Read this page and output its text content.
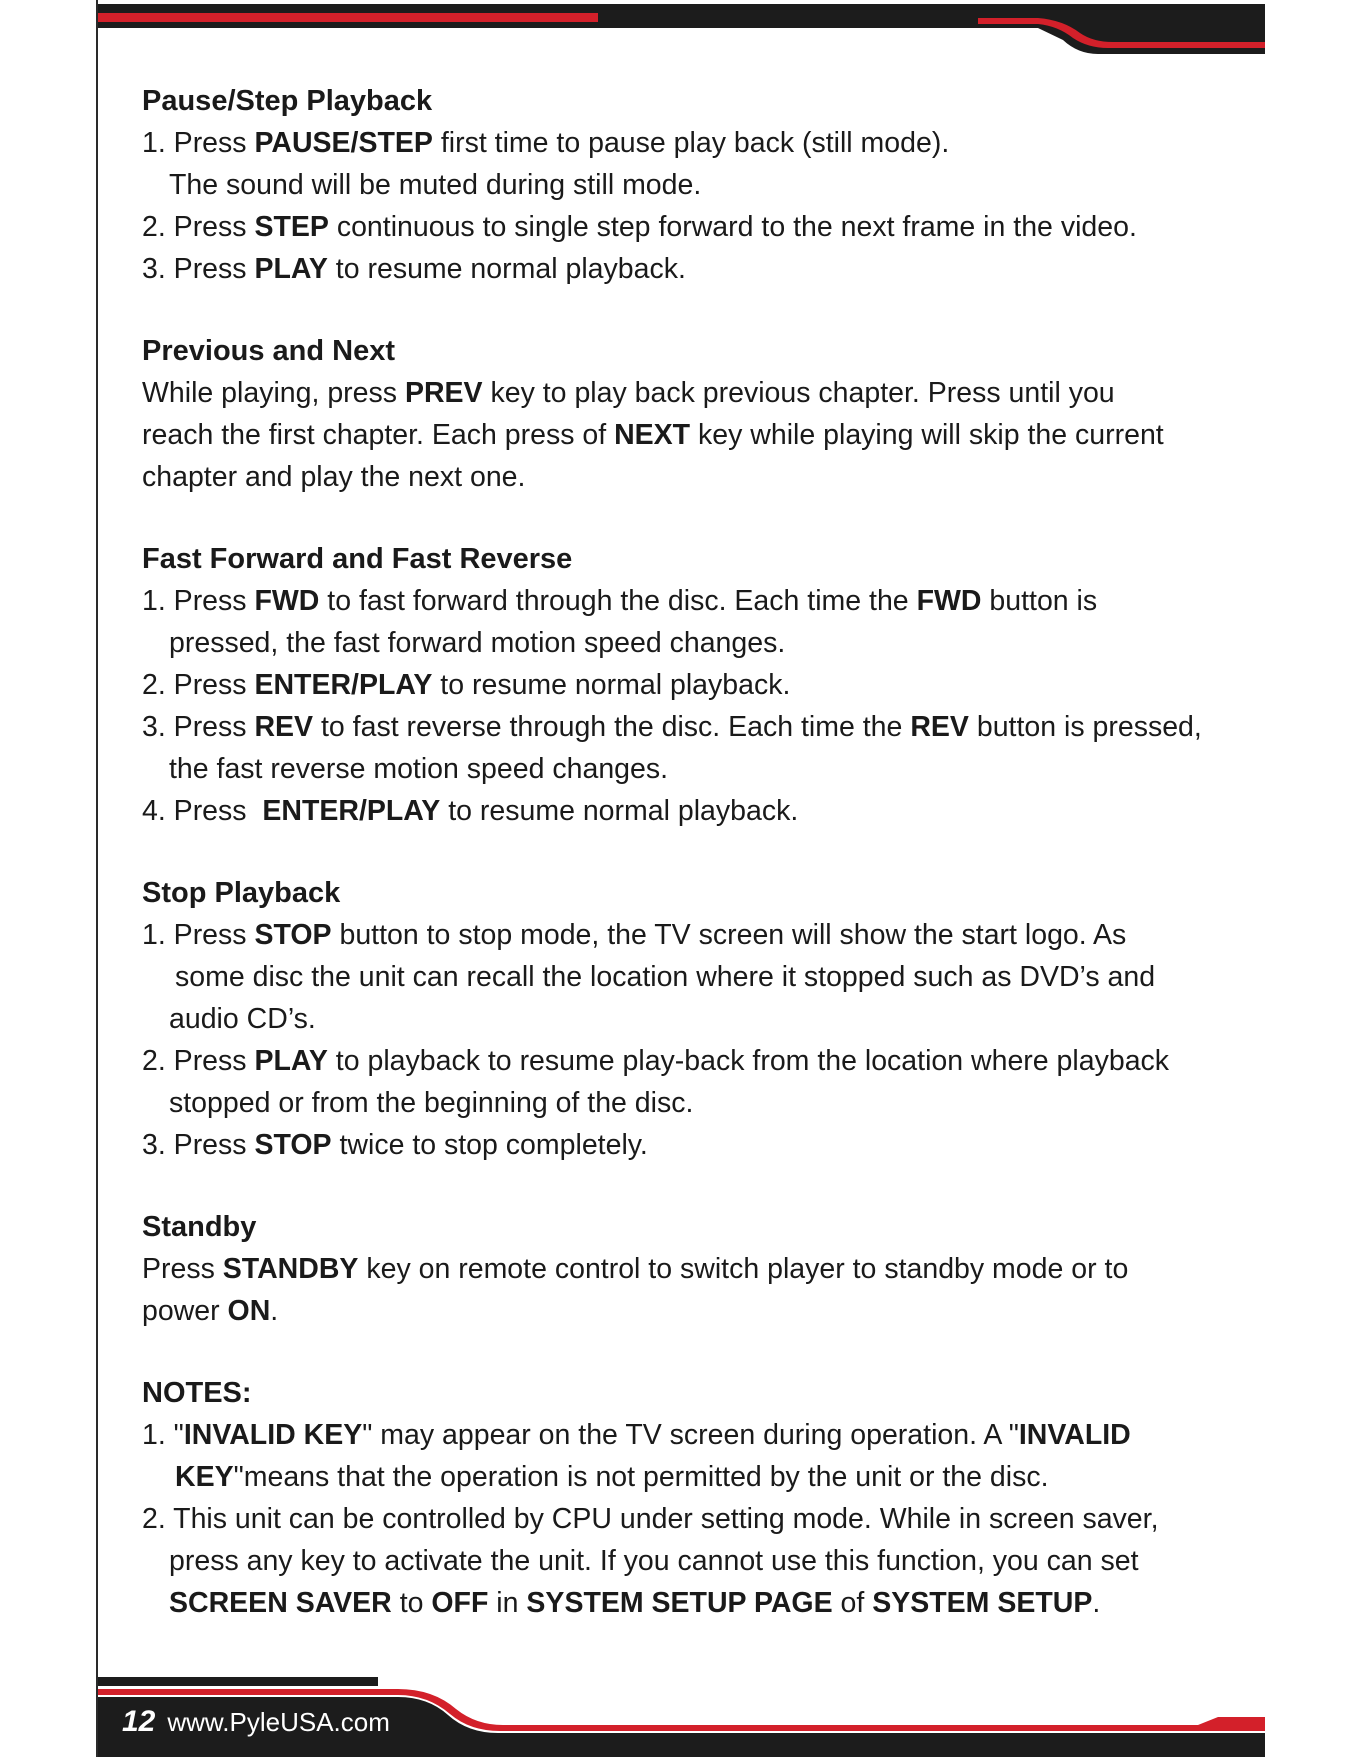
Pause/Step Playback

1. Press PAUSE/STEP first time to pause play back (still mode).

The sound will be muted during still mode.

2. Press STEP continuous to single step forward to the next frame in the video.

3. Press PLAY to resume normal playback.

Previous and Next

While playing, press PREV key to play back previous chapter. Press until you

reach the first chapter. Each press of NEXT key while playing will skip the current

chapter and play the next one.

Fast Forward and Fast Reverse

1. Press FWD to fast forward through the disc. Each time the FWD button is

pressed, the fast forward motion speed changes.

2. Press ENTER/PLAY to resume normal playback.

3. Press REV to fast reverse through the disc. Each time the REV button is pressed,

the fast reverse motion speed changes.

4. Press  ENTER/PLAY to resume normal playback.

Stop Playback

1. Press STOP button to stop mode, the TV screen will show the start logo. As

some disc the unit can recall the location where it stopped such as DVD’s and

audio CD’s.

2. Press PLAY to playback to resume play-back from the location where playback

stopped or from the beginning of the disc.

3. Press STOP twice to stop completely.

Standby

Press STANDBY key on remote control to switch player to standby mode or to

power ON.

NOTES:

1. "INVALID KEY" may appear on the TV screen during operation. A "INVALID

KEY"means that the operation is not permitted by the unit or the disc.

2. This unit can be controlled by CPU under setting mode. While in screen saver,

press any key to activate the unit. If you cannot use this function, you can set

SCREEN SAVER to OFF in SYSTEM SETUP PAGE of SYSTEM SETUP.

12 www.PyleUSA.com
